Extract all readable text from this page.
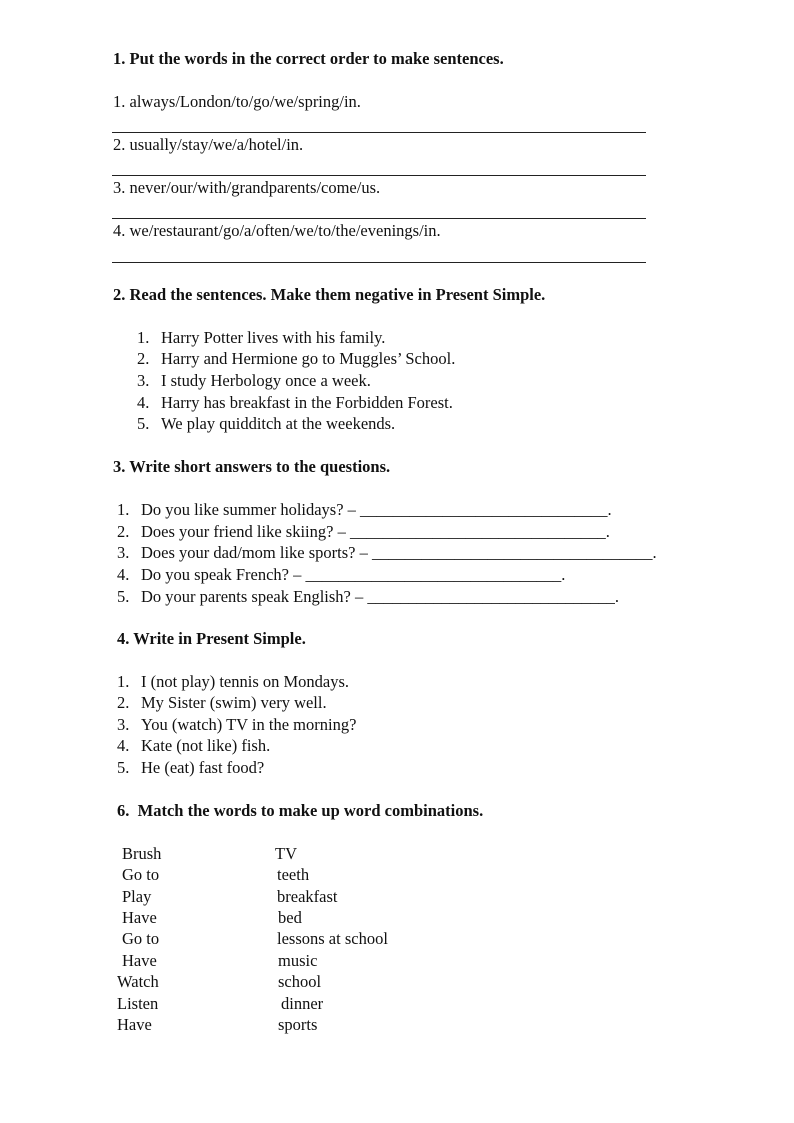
1. Put the words in the correct order to make sentences.
1. always/London/to/go/we/spring/in.
2. usually/stay/we/a/hotel/in.
3. never/our/with/grandparents/come/us.
4. we/restaurant/go/a/often/we/to/the/evenings/in.
2. Read the sentences. Make them negative in Present Simple.
1. Harry Potter lives with his family.
2. Harry and Hermione go to Muggles’ School.
3. I study Herbology once a week.
4. Harry has breakfast in the Forbidden Forest.
5. We play quidditch at the weekends.
3. Write short answers to the questions.
1. Do you like summer holidays? – ______________________________.
2. Does your friend like skiing? – _______________________________.
3. Does your dad/mom like sports? – __________________________________.
4. Do you speak French? – _______________________________.
5. Do your parents speak English? – ______________________________.
4. Write in Present Simple.
1. I (not play) tennis on Mondays.
2. My Sister (swim) very well.
3. You (watch) TV in the morning?
4. Kate (not like) fish.
5. He (eat) fast food?
6.  Match the words to make up word combinations.
Brush
Go to
Play
Have
Go to
Have
Watch
Listen
Have
TV
teeth
breakfast
bed
lessons at school
music
school
dinner
sports
